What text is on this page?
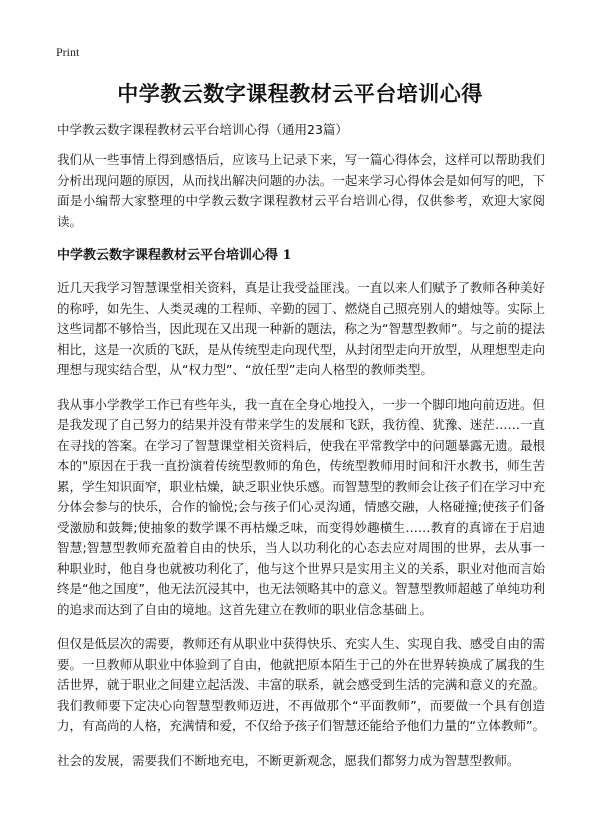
Print
中学教云数字课程教材云平台培训心得

中学教云数字课程教材云平台培训心得（通用23篇）

我们从一些事情上得到感悟后，应该马上记录下来，写一篇心得体会，这样可以帮助我们分析出现问题的原因，从而找出解决问题的办法。一起来学习心得体会是如何写的吧，下面是小编帮大家整理的中学教云数字课程教材云平台培训心得，仅供参考，欢迎大家阅读。

中学教云数字课程教材云平台培训心得 1

近几天我学习智慧课堂相关资料，真是让我受益匪浅。一直以来人们赋予了教师各种美好的称呼，如先生、人类灵魂的工程师、辛勤的园丁、燃烧自己照亮别人的蜡烛等。实际上这些词都不够恰当，因此现在又出现一种新的题法，称之为“智慧型教师”。与之前的提法相比，这是一次质的飞跃，是从传统型走向现代型，从封闭型走向开放型，从理想型走向理想与现实结合型，从“权力型”、“放任型”走向人格型的教师类型。

我从事小学教学工作已有些年头，我一直在全身心地投入，一步一个脚印地向前迈进。但是我发现了自己努力的结果并没有带来学生的发展和飞跃，我彷徨、犹豫、迷茫……一直在寻找的答案。在学习了智慧课堂相关资料后，使我在平常教学中的问题暴露无遗。最根本的"原因在于我一直扮演着传统型教师的角色，传统型教师用时间和汗水教书，师生苦累，学生知识面窄，职业枯燥，缺乏职业快乐感。而智慧型的教师会让孩子们在学习中充分体会参与的快乐，合作的愉悦;会与孩子们心灵沟通，情感交融，人格碰撞;使孩子们备受激励和鼓舞;使抽象的数学课不再枯燥乏味，而变得妙趣横生……教育的真谛在于启迪智慧;智慧型教师充盈着自由的快乐，当人以功利化的心态去应对周围的世界，去从事一种职业时，他自身也就被功利化了，他与这个世界只是实用主义的关系，职业对他而言始终是“他之国度”，他无法沉浸其中，也无法领略其中的意义。智慧型教师超越了单纯功利的追求而达到了自由的境地。这首先建立在教师的职业信念基础上。

但仅是低层次的需要，教师还有从职业中获得快乐、充实人生、实现自我、感受自由的需要。一旦教师从职业中体验到了自由，他就把原本陌生于己的外在世界转换成了属我的生活世界，就于职业之间建立起活泼、丰富的联系，就会感受到生活的完满和意义的充盈。我们教师要下定决心向智慧型教师迈进，不再做那个“平面教师”，而要做一个具有创造力，有高尚的人格，充满情和爱，不仅给予孩子们智慧还能给予他们力量的“立体教师”。

社会的发展，需要我们不断地充电，不断更新观念，愿我们都努力成为智慧型教师。
